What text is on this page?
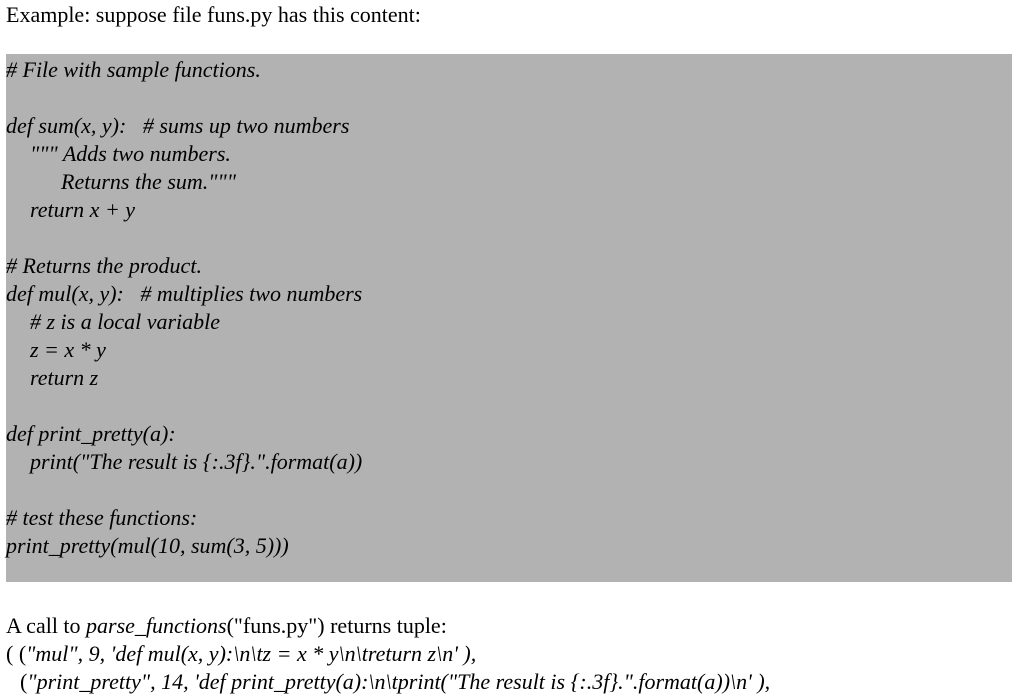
Example: suppose file funs.py has this content:
# File with sample functions.
def sum(x, y):   # sums up two numbers
""" Adds two numbers.
Returns the sum."""
return x + y
# Returns the product.
def mul(x, y):   # multiplies two numbers
# z is a local variable
z = x * y
return z
def print_pretty(a):
print("The result is {:.3f}.".format(a))
# test these functions:
print_pretty(mul(10, sum(3, 5)))
A call to parse_functions("funs.py") returns tuple:
( ("mul", 9, 'def mul(x, y):\n\tz = x * y\n\treturn z\n' ),
("print_pretty", 14, 'def print_pretty(a):\n\tprint("The result is {:.3f}.".format(a))\n' ),
